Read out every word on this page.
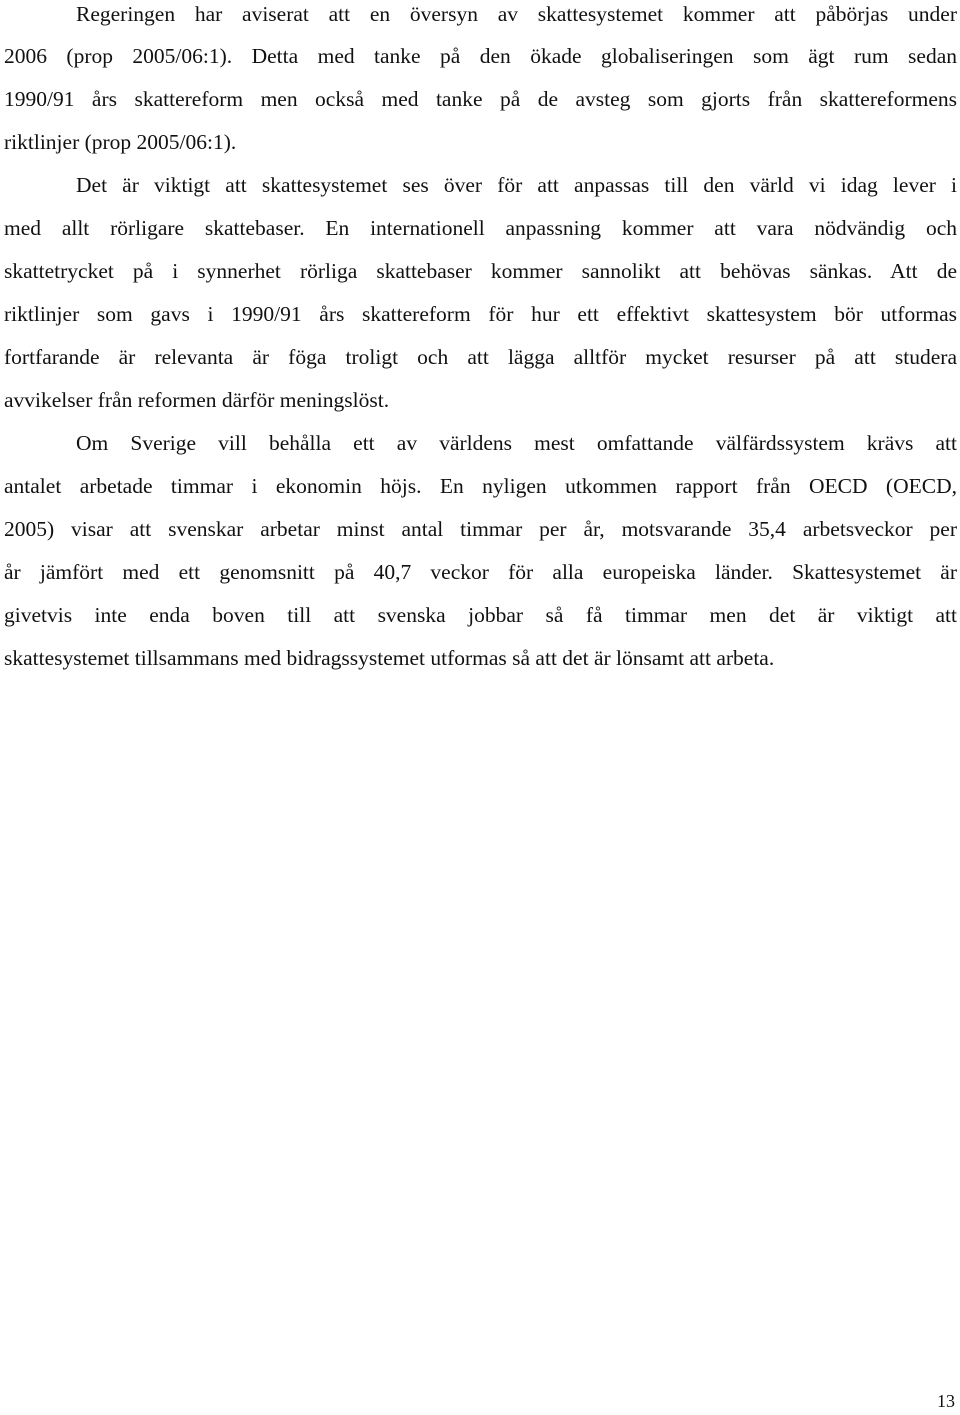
Regeringen har aviserat att en översyn av skattesystemet kommer att påbörjas under
2006 (prop 2005/06:1). Detta med tanke på den ökade globaliseringen som ägt rum sedan
1990/91 års skattereform men också med tanke på de avsteg som gjorts från skattereformens
riktlinjer (prop 2005/06:1).
Det är viktigt att skattesystemet ses över för att anpassas till den värld vi idag lever i
med allt rörligare skattebaser. En internationell anpassning kommer att vara nödvändig och
skattetrycket på i synnerhet rörliga skattebaser kommer sannolikt att behövas sänkas. Att de
riktlinjer som gavs i 1990/91 års skattereform för hur ett effektivt skattesystem bör utformas
fortfarande är relevanta är föga troligt och att lägga alltför mycket resurser på att studera
avvikelser från reformen därför meningslöst.
Om Sverige vill behålla ett av världens mest omfattande välfärdssystem krävs att
antalet arbetade timmar i ekonomin höjs. En nyligen utkommen rapport från OECD (OECD,
2005) visar att svenskar arbetar minst antal timmar per år, motsvarande 35,4 arbetsveckor per
år jämfört med ett genomsnitt på 40,7 veckor för alla europeiska länder. Skattesystemet är
givetvis inte enda boven till att svenska jobbar så få timmar men det är viktigt att
skattesystemet tillsammans med bidragssystemet utformas så att det är lönsamt att arbeta.
13
